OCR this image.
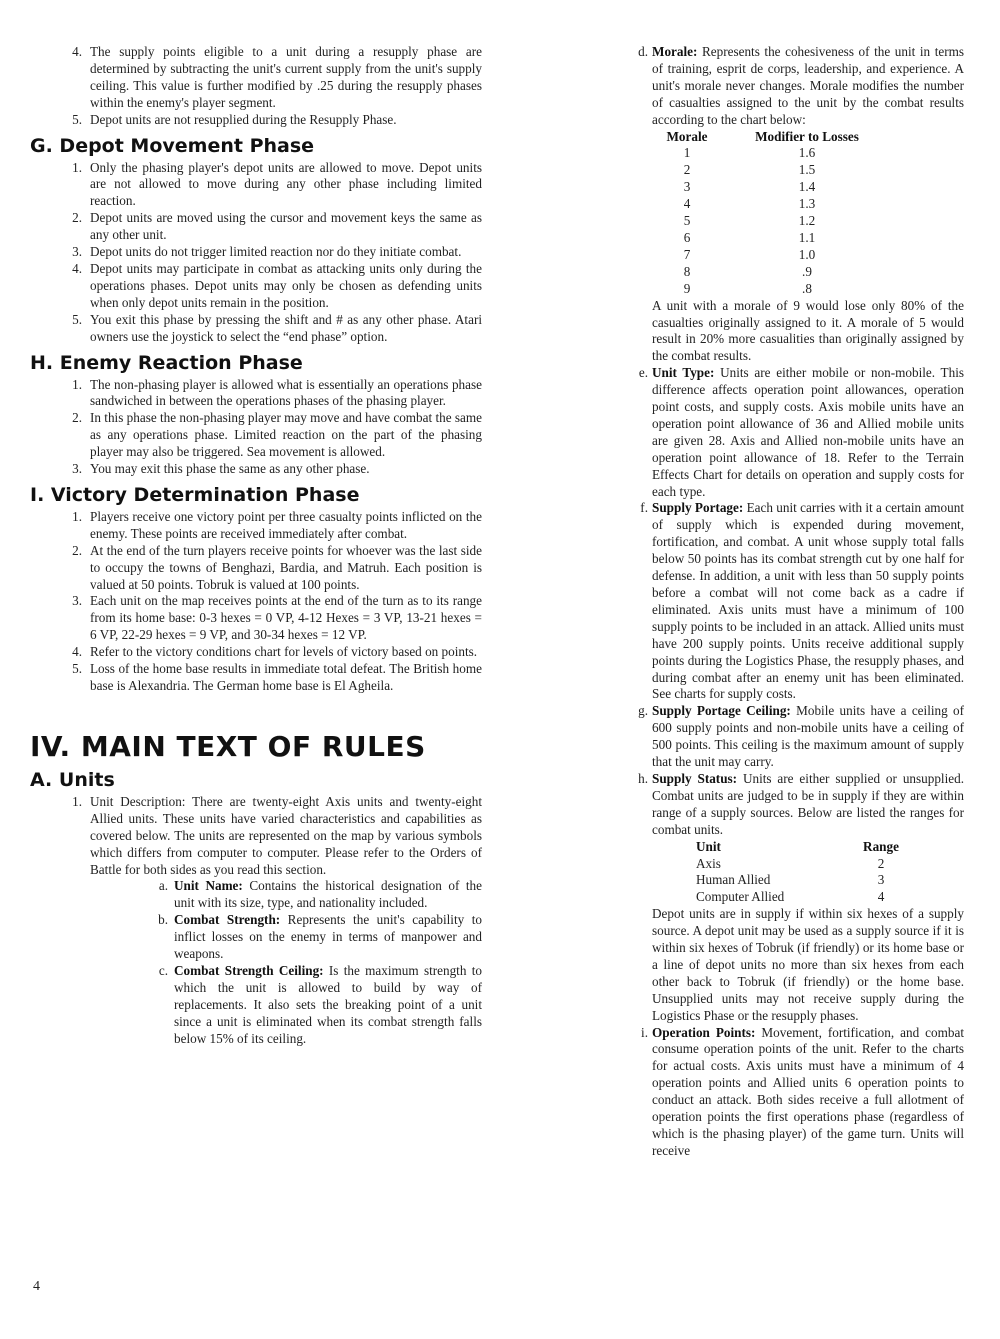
4. The supply points eligible to a unit during a resupply phase are determined by subtracting the unit's current supply from the unit's supply ceiling. This value is further modified by .25 during the resupply phases within the enemy's player segment.
5. Depot units are not resupplied during the Resupply Phase.
G. Depot Movement Phase
1. Only the phasing player's depot units are allowed to move. Depot units are not allowed to move during any other phase including limited reaction.
2. Depot units are moved using the cursor and movement keys the same as any other unit.
3. Depot units do not trigger limited reaction nor do they initiate combat.
4. Depot units may participate in combat as attacking units only during the operations phases. Depot units may only be chosen as defending units when only depot units remain in the position.
5. You exit this phase by pressing the shift and # as any other phase. Atari owners use the joystick to select the “end phase” option.
H. Enemy Reaction Phase
1. The non-phasing player is allowed what is essentially an operations phase sandwiched in between the operations phases of the phasing player.
2. In this phase the non-phasing player may move and have combat the same as any operations phase. Limited reaction on the part of the phasing player may also be triggered. Sea movement is allowed.
3. You may exit this phase the same as any other phase.
I. Victory Determination Phase
1. Players receive one victory point per three casualty points inflicted on the enemy. These points are received immediately after combat.
2. At the end of the turn players receive points for whoever was the last side to occupy the towns of Benghazi, Bardia, and Matruh. Each position is valued at 50 points. Tobruk is valued at 100 points.
3. Each unit on the map receives points at the end of the turn as to its range from its home base: 0-3 hexes = 0 VP, 4-12 Hexes = 3 VP, 13-21 hexes = 6 VP, 22-29 hexes = 9 VP, and 30-34 hexes = 12 VP.
4. Refer to the victory conditions chart for levels of victory based on points.
5. Loss of the home base results in immediate total defeat. The British home base is Alexandria. The German home base is El Agheila.
IV. MAIN TEXT OF RULES
A. Units
1. Unit Description: There are twenty-eight Axis units and twenty-eight Allied units. These units have varied characteristics and capabilities as covered below. The units are represented on the map by various symbols which differs from computer to computer. Please refer to the Orders of Battle for both sides as you read this section.
a. Unit Name: Contains the historical designation of the unit with its size, type, and nationality included.
b. Combat Strength: Represents the unit's capability to inflict losses on the enemy in terms of manpower and weapons.
c. Combat Strength Ceiling: Is the maximum strength to which the unit is allowed to build by way of replacements. It also sets the breaking point of a unit since a unit is eliminated when its combat strength falls below 15% of its ceiling.
d. Morale: Represents the cohesiveness of the unit in terms of training, esprit de corps, leadership, and experience. A unit's morale never changes. Morale modifies the number of casualties assigned to the unit by the combat results according to the chart below:
Morale	Modifier to Losses
1	1.6
2	1.5
3	1.4
4	1.3
5	1.2
6	1.1
7	1.0
8	.9
9	.8

A unit with a morale of 9 would lose only 80% of the casualties originally assigned to it. A morale of 5 would result in 20% more casualities than originally assigned by the combat results.

e. Unit Type: Units are either mobile or non-mobile. This difference affects operation point allowances, operation point costs, and supply costs. Axis mobile units have an operation point allowance of 36 and Allied mobile units are given 28. Axis and Allied non-mobile units have an operation point allowance of 18. Refer to the Terrain Effects Chart for details on operation and supply costs for each type.
f. Supply Portage: Each unit carries with it a certain amount of supply which is expended during movement, fortification, and combat. A unit whose supply total falls below 50 points has its combat strength cut by one half for defense. In addition, a unit with less than 50 supply points before a combat will not come back as a cadre if eliminated. Axis units must have a minimum of 100 supply points to be included in an attack. Allied units must have 200 supply points. Units receive additional supply points during the Logistics Phase, the resupply phases, and during combat after an enemy unit has been eliminated. See charts for supply costs.
g. Supply Portage Ceiling: Mobile units have a ceiling of 600 supply points and non-mobile units have a ceiling of 500 points. This ceiling is the maximum amount of supply that the unit may carry.
h. Supply Status: Units are either supplied or unsupplied. Combat units are judged to be in supply if they are within range of a supply sources. Below are listed the ranges for combat units.
Unit	Range
Axis	2
Human Allied	3
Computer Allied	4

Depot units are in supply if within six hexes of a supply source. A depot unit may be used as a supply source if it is within six hexes of Tobruk (if friendly) or its home base or a line of depot units no more than six hexes from each other back to Tobruk (if friendly) or the home base. Unsupplied units may not receive supply during the Logistics Phase or the resupply phases.

i. Operation Points: Movement, fortification, and combat consume operation points of the unit. Refer to the charts for actual costs. Axis units must have a minimum of 4 operation points and Allied units 6 operation points to conduct an attack. Both sides receive a full allotment of operation points the first operations phase (regardless of which is the phasing player) of the game turn. Units will receive
4
